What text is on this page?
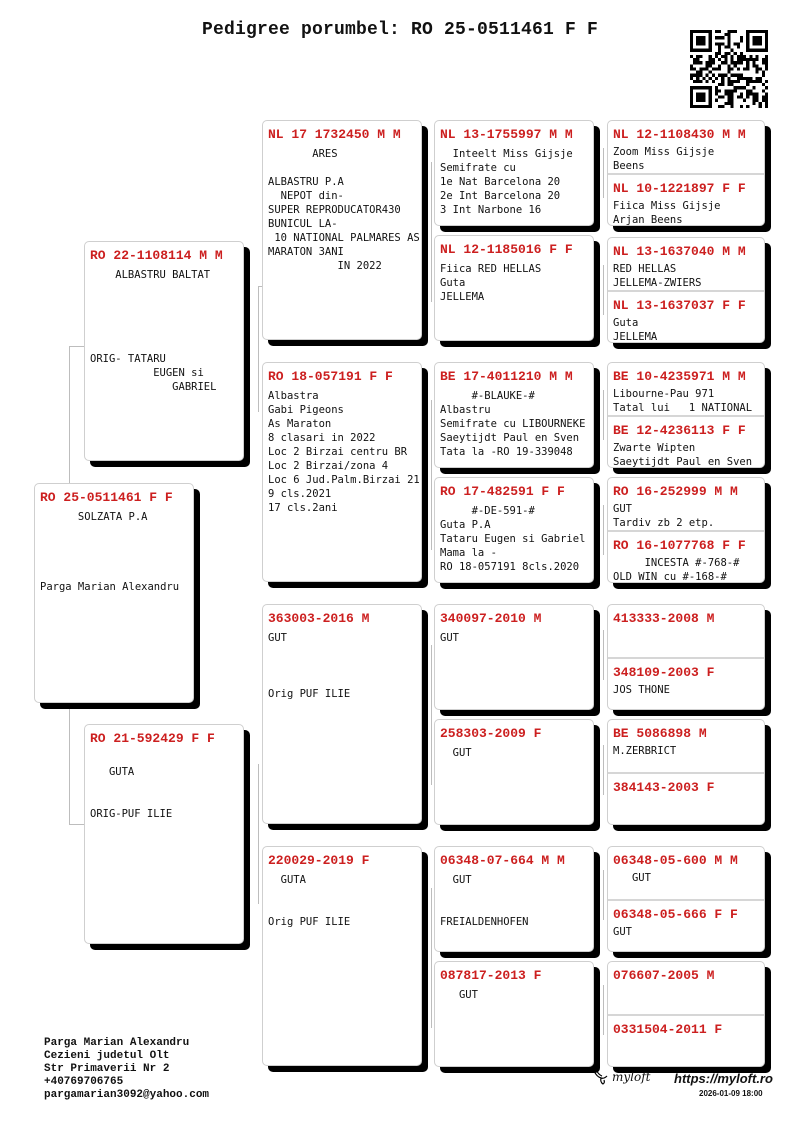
Pedigree porumbel: RO 25-0511461 F F
RO 25-0511461 F F
SOLZATA P.A

Parga Marian Alexandru
RO 22-1108114 M M
ALBASTRU BALTAT

ORIG- TATARU
EUGEN si
GABRIEL
RO 21-592429 F F

GUTA

ORIG-PUF ILIE
NL 17 1732450 M M
ARES

ALBASTRU P.A
NEPOT din-
SUPER REPRODUCATOR430
BUNICUL LA-
10 NATIONAL PALMARES AS
MARATON 3ANI
IN 2022
RO 18-057191 F F
Albastra
Gabi Pigeons
As Maraton
8 clasari in 2022
Loc 2 Birzai centru BR
Loc 2 Birzai/zona 4
Loc 6 Jud.Palm.Birzai 21
9 cls.2021
17 cls.2ani
363003-2016 M
GUT

Orig PUF ILIE
220029-2019 F
GUTA

Orig PUF ILIE
NL 13-1755997 M M
Inteelt Miss Gijsje
Semifrate cu
1e Nat Barcelona 20
2e Int Barcelona 20
3 Int Narbone 16
NL 12-1185016 F F
Fiica RED HELLAS
Guta
JELLEMA
BE 17-4011210 M M
#-BLAUKE-#
Albastru
Semifrate cu LIBOURNEKE
Saeytijdt Paul en Sven
Tata la -RO 19-339048
RO 17-482591 F F
#-DE-591-#
Guta P.A
Tataru Eugen si Gabriel
Mama la -
RO 18-057191 8cls.2020
340097-2010 M
GUT
258303-2009 F
GUT
06348-07-664 M M
GUT

FREIALDENHOFEN
087817-2013 F
GUT
NL 12-1108430 M M
Zoom Miss Gijsje
Beens
NL 10-1221897 F F
Fiica Miss Gijsje
Arjan Beens
NL 13-1637040 M M
RED HELLAS
JELLEMA-ZWIERS
NL 13-1637037 F F
Guta
JELLEMA
BE 10-4235971 M M
Libourne-Pau 971
Tatal lui   1 NATIONAL
BE 12-4236113 F F
Zwarte Wipten
Saeytijdt Paul en Sven
RO 16-252999 M M
GUT
Tardiv zb 2 etp.
RO 16-1077768 F F
INCESTA #-768-#
OLD WIN cu #-168-#
413333-2008 M
348109-2003 F
JOS THONE
BE 5086898 M
M.ZERBRICT
384143-2003 F
06348-05-600 M M
GUT
06348-05-666 F F
GUT
076607-2005 M
0331504-2011 F
Parga Marian Alexandru
Cezieni judetul Olt
Str Primaverii Nr 2
+40769706765
pargamarian3092@yahoo.com
myloft https://myloft.ro
2026-01-09 18:00
